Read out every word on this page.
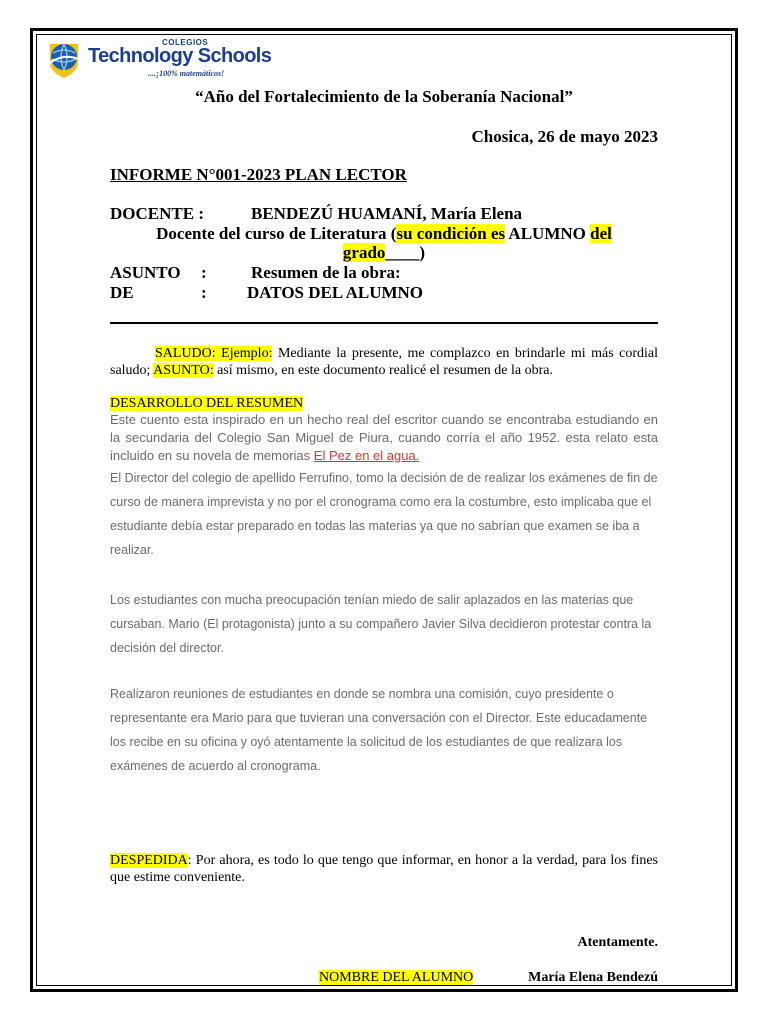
COLEGIOS
Technology Schools
....¡100% matemáticos!
“Año del Fortalecimiento de la Soberanía Nacional”
Chosica, 26 de mayo 2023
INFORME N°001-2023 PLAN LECTOR
DOCENTE :	BENDEZÚ HUAMANÍ, María Elena
Docente del curso de Literatura (su condición es ALUMNO del
grado____)
ASUNTO :	Resumen de la obra:
DE	: DATOS DEL ALUMNO
SALUDO: Ejemplo: Mediante la presente, me complazco en brindarle mi más cordial saludo; ASUNTO: así mismo, en este documento realicé el resumen de la obra.
DESARROLLO DEL RESUMEN
Este cuento esta inspirado en un hecho real del escritor cuando se encontraba estudiando en la secundaria del Colegio San Miguel de Piura, cuando corría el año 1952. esta relato esta incluido en su novela de memorias El Pez en el agua.
El Director del colegio de apellido Ferrufino, tomo la decisión de de realizar los exámenes de fin de curso de manera imprevista y no por el cronograma como era la costumbre, esto implicaba que el estudiante debía estar preparado en todas las materias ya que no sabrían que examen se iba a realizar.
Los estudiantes con mucha preocupación tenían miedo de salir aplazados en las materias que cursaban. Mario (El protagonista) junto a su compañero Javier Silva decidieron protestar contra la decisión del director.
Realizaron reuniones de estudiantes en donde se nombra una comisión, cuyo presidente o representante era Mario para que tuvieran una conversación con el Director. Este educadamente los recibe en su oficina y oyó atentamente la solicitud de los estudiantes de que realizara los exámenes de acuerdo al cronograma.
DESPEDIDA: Por ahora, es todo lo que tengo que informar, en honor a la verdad, para los fines que estime conveniente.
Atentamente.
NOMBRE DEL ALUMNO	María Elena Bendezú
